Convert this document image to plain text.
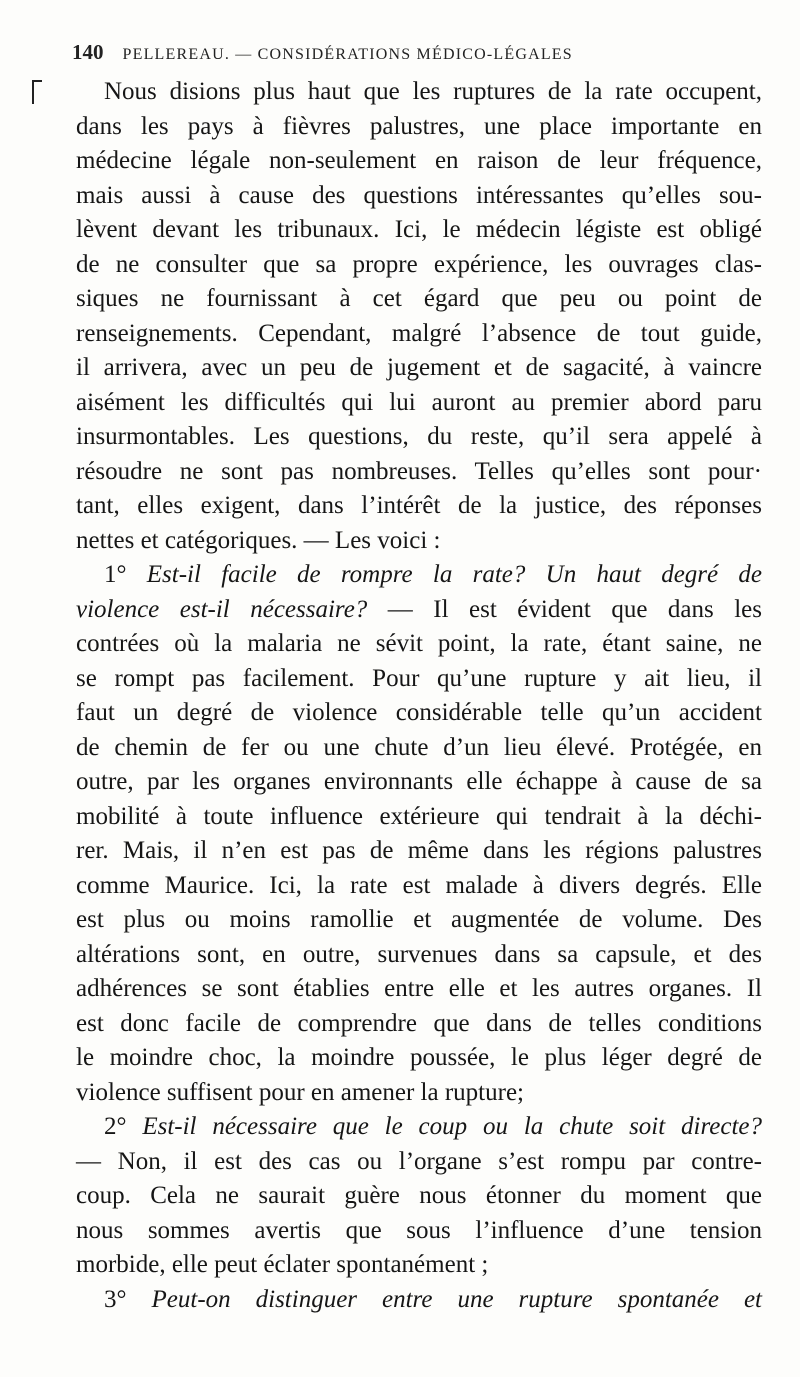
140 PELLEREAU. — CONSIDÉRATIONS MÉDICO-LÉGALES
Nous disions plus haut que les ruptures de la rate occupent,
dans les pays à fièvres palustres, une place importante en
médecine légale non-seulement en raison de leur fréquence,
mais aussi à cause des questions intéressantes qu’elles sou-
lèvent devant les tribunaux. Ici, le médecin légiste est obligé
de ne consulter que sa propre expérience, les ouvrages clas-
siques ne fournissant à cet égard que peu ou point de
renseignements. Cependant, malgré l’absence de tout guide,
il arrivera, avec un peu de jugement et de sagacité, à vaincre
aisément les difficultés qui lui auront au premier abord paru
insurmontables. Les questions, du reste, qu’il sera appelé à
résoudre ne sont pas nombreuses. Telles qu’elles sont pour·
tant, elles exigent, dans l’intérêt de la justice, des réponses
nettes et catégoriques. — Les voici :
1° Est-il facile de rompre la rate? Un haut degré de
violence est-il nécessaire? — Il est évident que dans les
contrées où la malaria ne sévit point, la rate, étant saine, ne
se rompt pas facilement. Pour qu’une rupture y ait lieu, il
faut un degré de violence considérable telle qu’un accident
de chemin de fer ou une chute d’un lieu élevé. Protégée, en
outre, par les organes environnants elle échappe à cause de sa
mobilité à toute influence extérieure qui tendrait à la déchi-
rer. Mais, il n’en est pas de même dans les régions palustres
comme Maurice. Ici, la rate est malade à divers degrés. Elle
est plus ou moins ramollie et augmentée de volume. Des
altérations sont, en outre, survenues dans sa capsule, et des
adhérences se sont établies entre elle et les autres organes. Il
est donc facile de comprendre que dans de telles conditions
le moindre choc, la moindre poussée, le plus léger degré de
violence suffisent pour en amener la rupture;
2° Est-il nécessaire que le coup ou la chute soit directe?
— Non, il est des cas ou l’organe s’est rompu par contre-
coup. Cela ne saurait guère nous étonner du moment que
nous sommes avertis que sous l’influence d’une tension
morbide, elle peut éclater spontanément ;
3° Peut-on distinguer entre une rupture spontanée et
